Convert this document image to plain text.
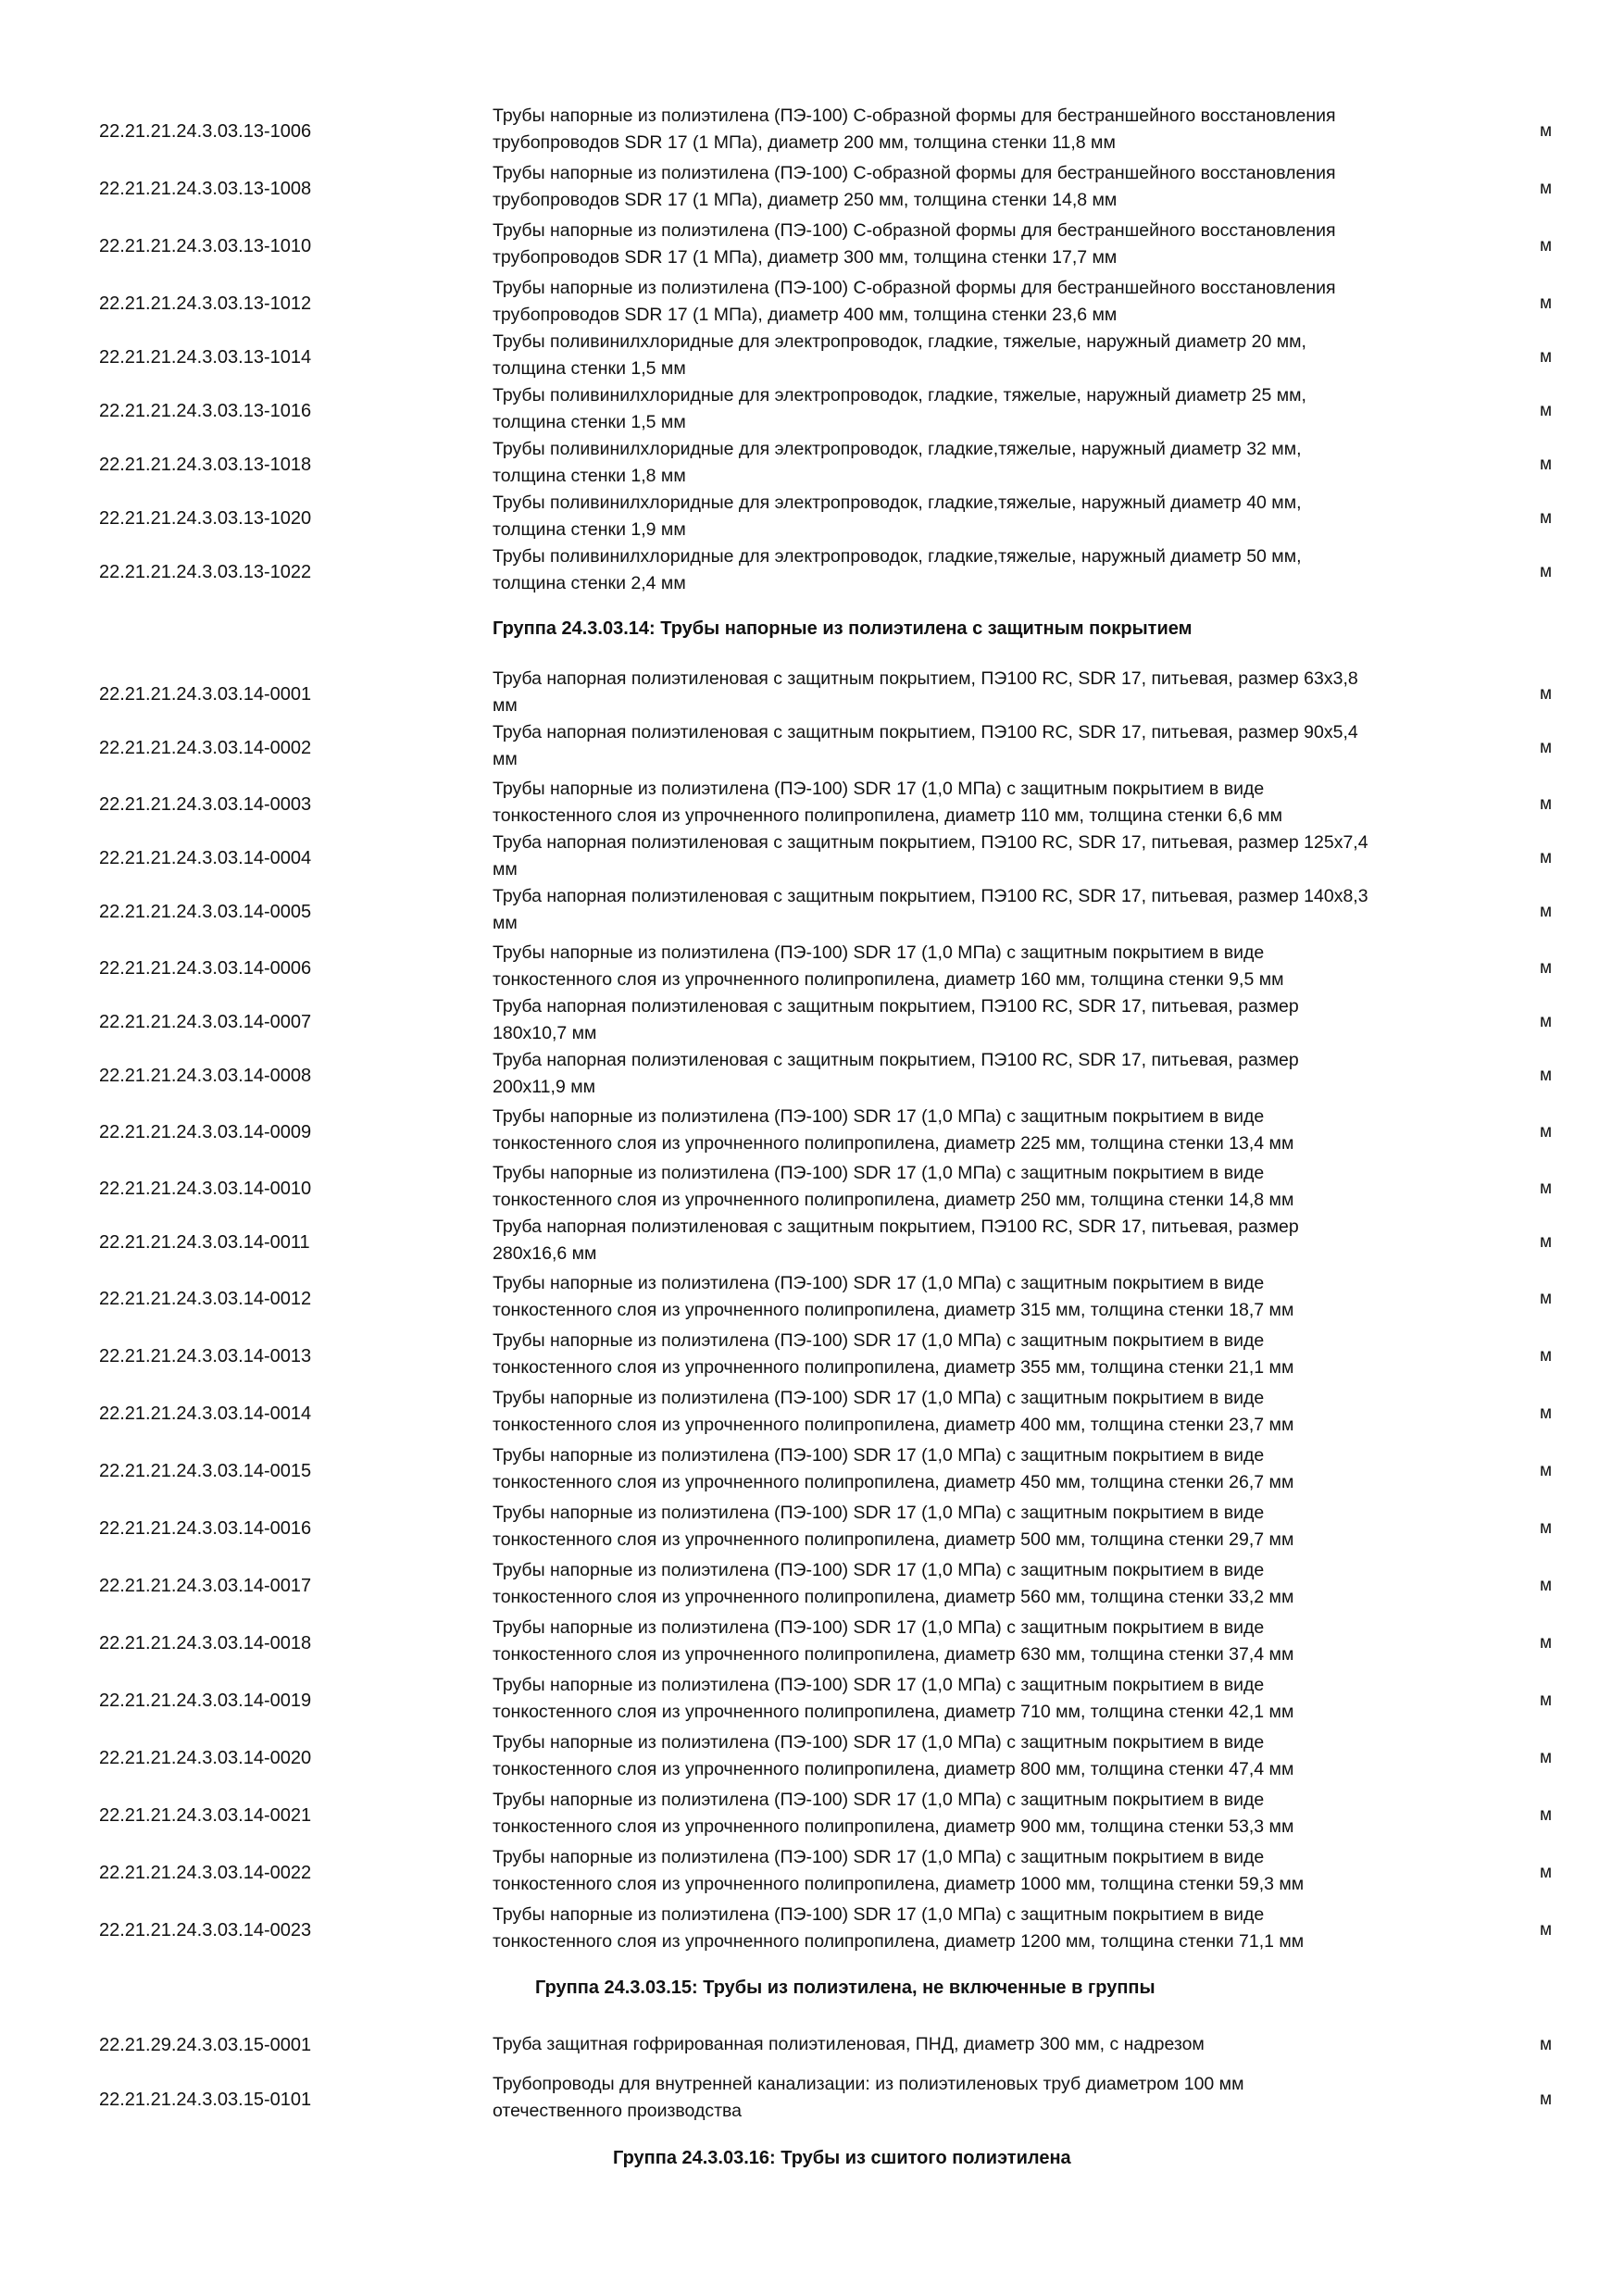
22.21.21.24.3.03.13-1006
Трубы напорные из полиэтилена (ПЭ-100) С-образной формы для бестраншейного восстановления
трубопроводов SDR 17 (1 МПа), диаметр 200 мм, толщина стенки 11,8 мм
м
22.21.21.24.3.03.13-1008
Трубы напорные из полиэтилена (ПЭ-100) С-образной формы для бестраншейного восстановления
трубопроводов SDR 17 (1 МПа), диаметр 250 мм, толщина стенки 14,8 мм
м
22.21.21.24.3.03.13-1010
Трубы напорные из полиэтилена (ПЭ-100) С-образной формы для бестраншейного восстановления
трубопроводов SDR 17 (1 МПа), диаметр 300 мм, толщина стенки 17,7 мм
м
22.21.21.24.3.03.13-1012
Трубы напорные из полиэтилена (ПЭ-100) С-образной формы для бестраншейного восстановления
трубопроводов SDR 17 (1 МПа), диаметр 400 мм, толщина стенки 23,6 мм
м
22.21.21.24.3.03.13-1014
Трубы поливинилхлоридные для электропроводок, гладкие, тяжелые, наружный диаметр 20 мм,
толщина стенки 1,5 мм
м
22.21.21.24.3.03.13-1016
Трубы поливинилхлоридные для электропроводок, гладкие, тяжелые, наружный диаметр 25 мм,
толщина стенки 1,5 мм
м
22.21.21.24.3.03.13-1018
Трубы поливинилхлоридные для электропроводок, гладкие,тяжелые, наружный диаметр 32 мм,
толщина стенки 1,8 мм
м
22.21.21.24.3.03.13-1020
Трубы поливинилхлоридные для электропроводок, гладкие,тяжелые, наружный диаметр 40 мм,
толщина стенки 1,9 мм
м
22.21.21.24.3.03.13-1022
Трубы поливинилхлоридные для электропроводок, гладкие,тяжелые, наружный диаметр 50 мм,
толщина стенки 2,4 мм
м
Группа 24.3.03.14: Трубы напорные из полиэтилена с защитным покрытием
22.21.21.24.3.03.14-0001
Труба напорная полиэтиленовая с защитным покрытием, ПЭ100 RC, SDR 17, питьевая, размер 63х3,8
мм
м
22.21.21.24.3.03.14-0002
Труба напорная полиэтиленовая с защитным покрытием, ПЭ100 RC, SDR 17, питьевая, размер 90х5,4
мм
м
22.21.21.24.3.03.14-0003
Трубы напорные из полиэтилена (ПЭ-100) SDR 17 (1,0 МПа) с защитным покрытием в виде
тонкостенного слоя из упрочненного полипропилена, диаметр 110 мм, толщина стенки 6,6 мм
м
22.21.21.24.3.03.14-0004
Труба напорная полиэтиленовая с защитным покрытием, ПЭ100 RC, SDR 17, питьевая, размер 125х7,4
мм
м
22.21.21.24.3.03.14-0005
Труба напорная полиэтиленовая с защитным покрытием, ПЭ100 RC, SDR 17, питьевая, размер 140х8,3
мм
м
22.21.21.24.3.03.14-0006
Трубы напорные из полиэтилена (ПЭ-100) SDR 17 (1,0 МПа) с защитным покрытием в виде
тонкостенного слоя из упрочненного полипропилена, диаметр 160 мм, толщина стенки 9,5 мм
м
22.21.21.24.3.03.14-0007
Труба напорная полиэтиленовая с защитным покрытием, ПЭ100 RC, SDR 17, питьевая, размер
180х10,7 мм
м
22.21.21.24.3.03.14-0008
Труба напорная полиэтиленовая с защитным покрытием, ПЭ100 RC, SDR 17, питьевая, размер
200х11,9 мм
м
22.21.21.24.3.03.14-0009
Трубы напорные из полиэтилена (ПЭ-100) SDR 17 (1,0 МПа) с защитным покрытием в виде
тонкостенного слоя из упрочненного полипропилена, диаметр 225 мм, толщина стенки 13,4 мм
м
22.21.21.24.3.03.14-0010
Трубы напорные из полиэтилена (ПЭ-100) SDR 17 (1,0 МПа) с защитным покрытием в виде
тонкостенного слоя из упрочненного полипропилена, диаметр 250 мм, толщина стенки 14,8 мм
м
22.21.21.24.3.03.14-0011
Труба напорная полиэтиленовая с защитным покрытием, ПЭ100 RC, SDR 17, питьевая, размер
280х16,6 мм
м
22.21.21.24.3.03.14-0012
Трубы напорные из полиэтилена (ПЭ-100) SDR 17 (1,0 МПа) с защитным покрытием в виде
тонкостенного слоя из упрочненного полипропилена, диаметр 315 мм, толщина стенки 18,7 мм
м
22.21.21.24.3.03.14-0013
Трубы напорные из полиэтилена (ПЭ-100) SDR 17 (1,0 МПа) с защитным покрытием в виде
тонкостенного слоя из упрочненного полипропилена, диаметр 355 мм, толщина стенки 21,1 мм
м
22.21.21.24.3.03.14-0014
Трубы напорные из полиэтилена (ПЭ-100) SDR 17 (1,0 МПа) с защитным покрытием в виде
тонкостенного слоя из упрочненного полипропилена, диаметр 400 мм, толщина стенки 23,7 мм
м
22.21.21.24.3.03.14-0015
Трубы напорные из полиэтилена (ПЭ-100) SDR 17 (1,0 МПа) с защитным покрытием в виде
тонкостенного слоя из упрочненного полипропилена, диаметр 450 мм, толщина стенки 26,7 мм
м
22.21.21.24.3.03.14-0016
Трубы напорные из полиэтилена (ПЭ-100) SDR 17 (1,0 МПа) с защитным покрытием в виде
тонкостенного слоя из упрочненного полипропилена, диаметр 500 мм, толщина стенки 29,7 мм
м
22.21.21.24.3.03.14-0017
Трубы напорные из полиэтилена (ПЭ-100) SDR 17 (1,0 МПа) с защитным покрытием в виде
тонкостенного слоя из упрочненного полипропилена, диаметр 560 мм, толщина стенки 33,2 мм
м
22.21.21.24.3.03.14-0018
Трубы напорные из полиэтилена (ПЭ-100) SDR 17 (1,0 МПа) с защитным покрытием в виде
тонкостенного слоя из упрочненного полипропилена, диаметр 630 мм, толщина стенки 37,4 мм
м
22.21.21.24.3.03.14-0019
Трубы напорные из полиэтилена (ПЭ-100) SDR 17 (1,0 МПа) с защитным покрытием в виде
тонкостенного слоя из упрочненного полипропилена, диаметр 710 мм, толщина стенки 42,1 мм
м
22.21.21.24.3.03.14-0020
Трубы напорные из полиэтилена (ПЭ-100) SDR 17 (1,0 МПа) с защитным покрытием в виде
тонкостенного слоя из упрочненного полипропилена, диаметр 800 мм, толщина стенки 47,4 мм
м
22.21.21.24.3.03.14-0021
Трубы напорные из полиэтилена (ПЭ-100) SDR 17 (1,0 МПа) с защитным покрытием в виде
тонкостенного слоя из упрочненного полипропилена, диаметр 900 мм, толщина стенки 53,3 мм
м
22.21.21.24.3.03.14-0022
Трубы напорные из полиэтилена (ПЭ-100) SDR 17 (1,0 МПа) с защитным покрытием в виде
тонкостенного слоя из упрочненного полипропилена, диаметр 1000 мм, толщина стенки 59,3 мм
м
22.21.21.24.3.03.14-0023
Трубы напорные из полиэтилена (ПЭ-100) SDR 17 (1,0 МПа) с защитным покрытием в виде
тонкостенного слоя из упрочненного полипропилена, диаметр 1200 мм, толщина стенки 71,1 мм
м
Группа 24.3.03.15: Трубы из полиэтилена, не включенные в группы
22.21.29.24.3.03.15-0001	Труба защитная гофрированная полиэтиленовая, ПНД, диаметр 300 мм, с надрезом	м
22.21.21.24.3.03.15-0101
Трубопроводы для внутренней канализации: из полиэтиленовых труб диаметром 100 мм
отечественного производства
м
Группа 24.3.03.16: Трубы из сшитого полиэтилена
